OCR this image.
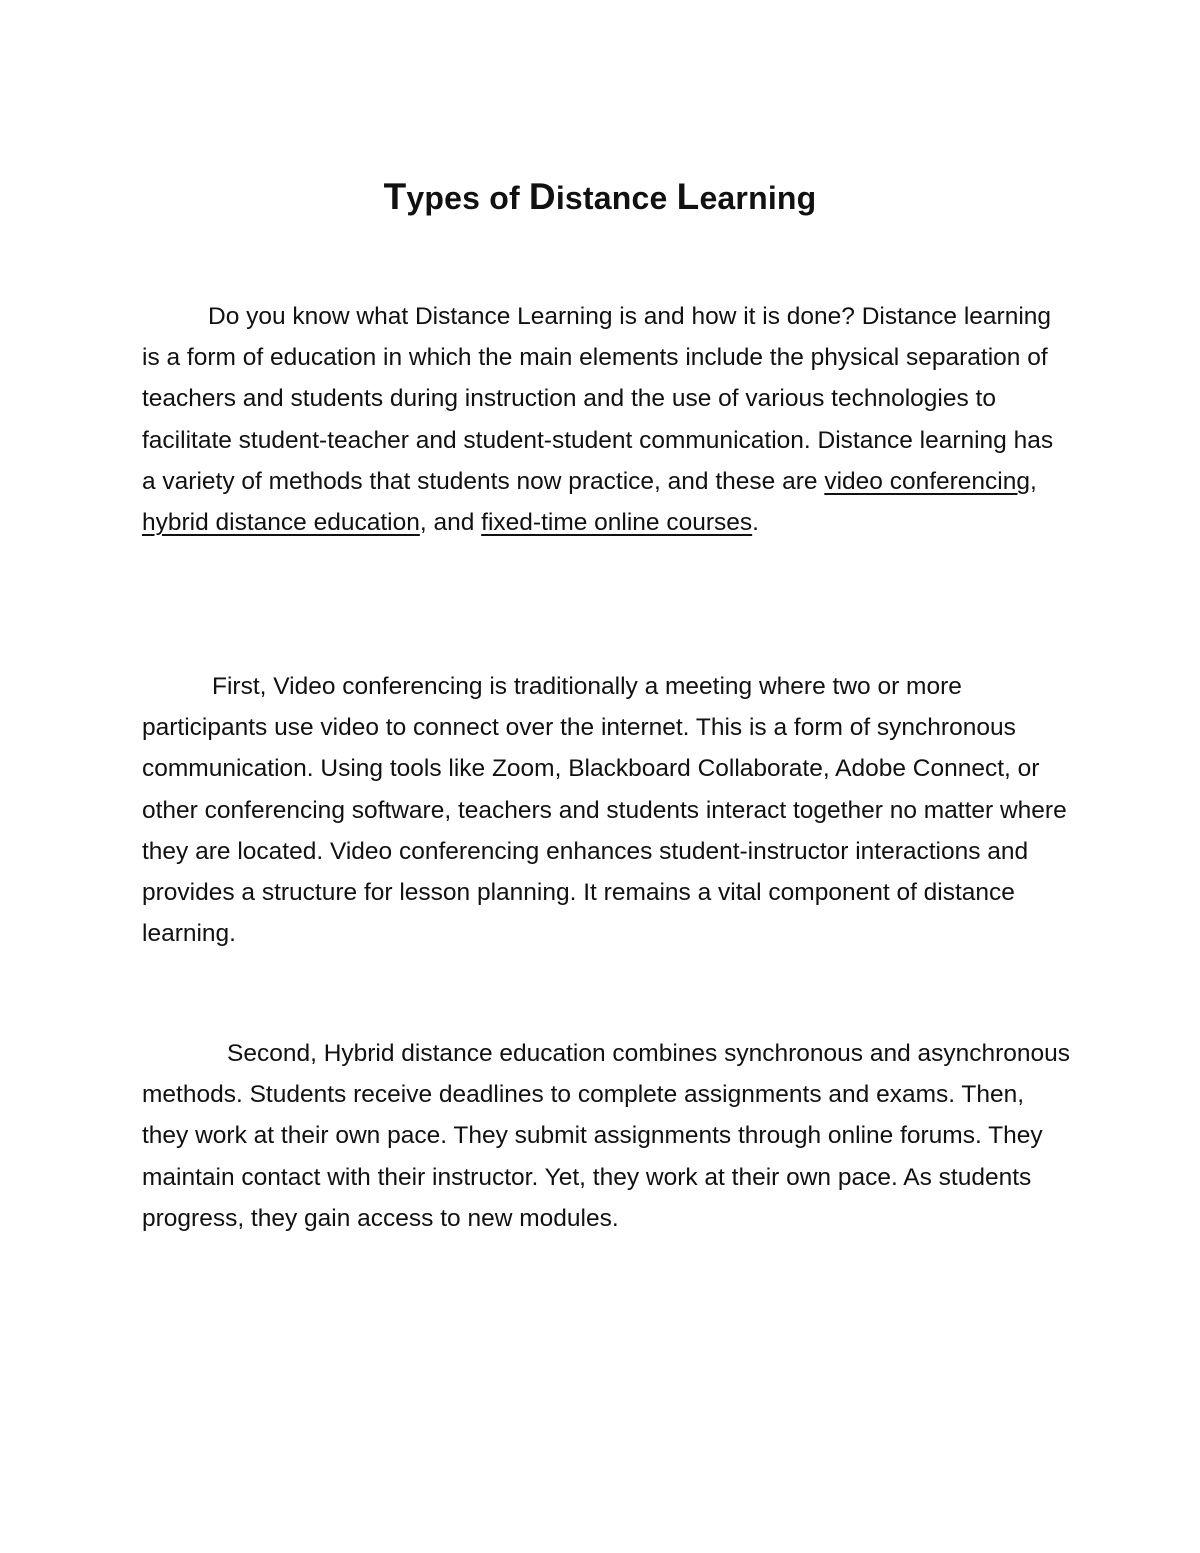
Types of Distance Learning

Do you know what Distance Learning is and how it is done? Distance learning is a form of education in which the main elements include the physical separation of teachers and students during instruction and the use of various technologies to facilitate student-teacher and student-student communication. Distance learning has a variety of methods that students now practice, and these are video conferencing, hybrid distance education, and fixed-time online courses.

First, Video conferencing is traditionally a meeting where two or more participants use video to connect over the internet. This is a form of synchronous communication. Using tools like Zoom, Blackboard Collaborate, Adobe Connect, or other conferencing software, teachers and students interact together no matter where they are located. Video conferencing enhances student-instructor interactions and provides a structure for lesson planning. It remains a vital component of distance learning.

Second, Hybrid distance education combines synchronous and asynchronous methods. Students receive deadlines to complete assignments and exams. Then, they work at their own pace. They submit assignments through online forums. They maintain contact with their instructor. Yet, they work at their own pace. As students progress, they gain access to new modules.
